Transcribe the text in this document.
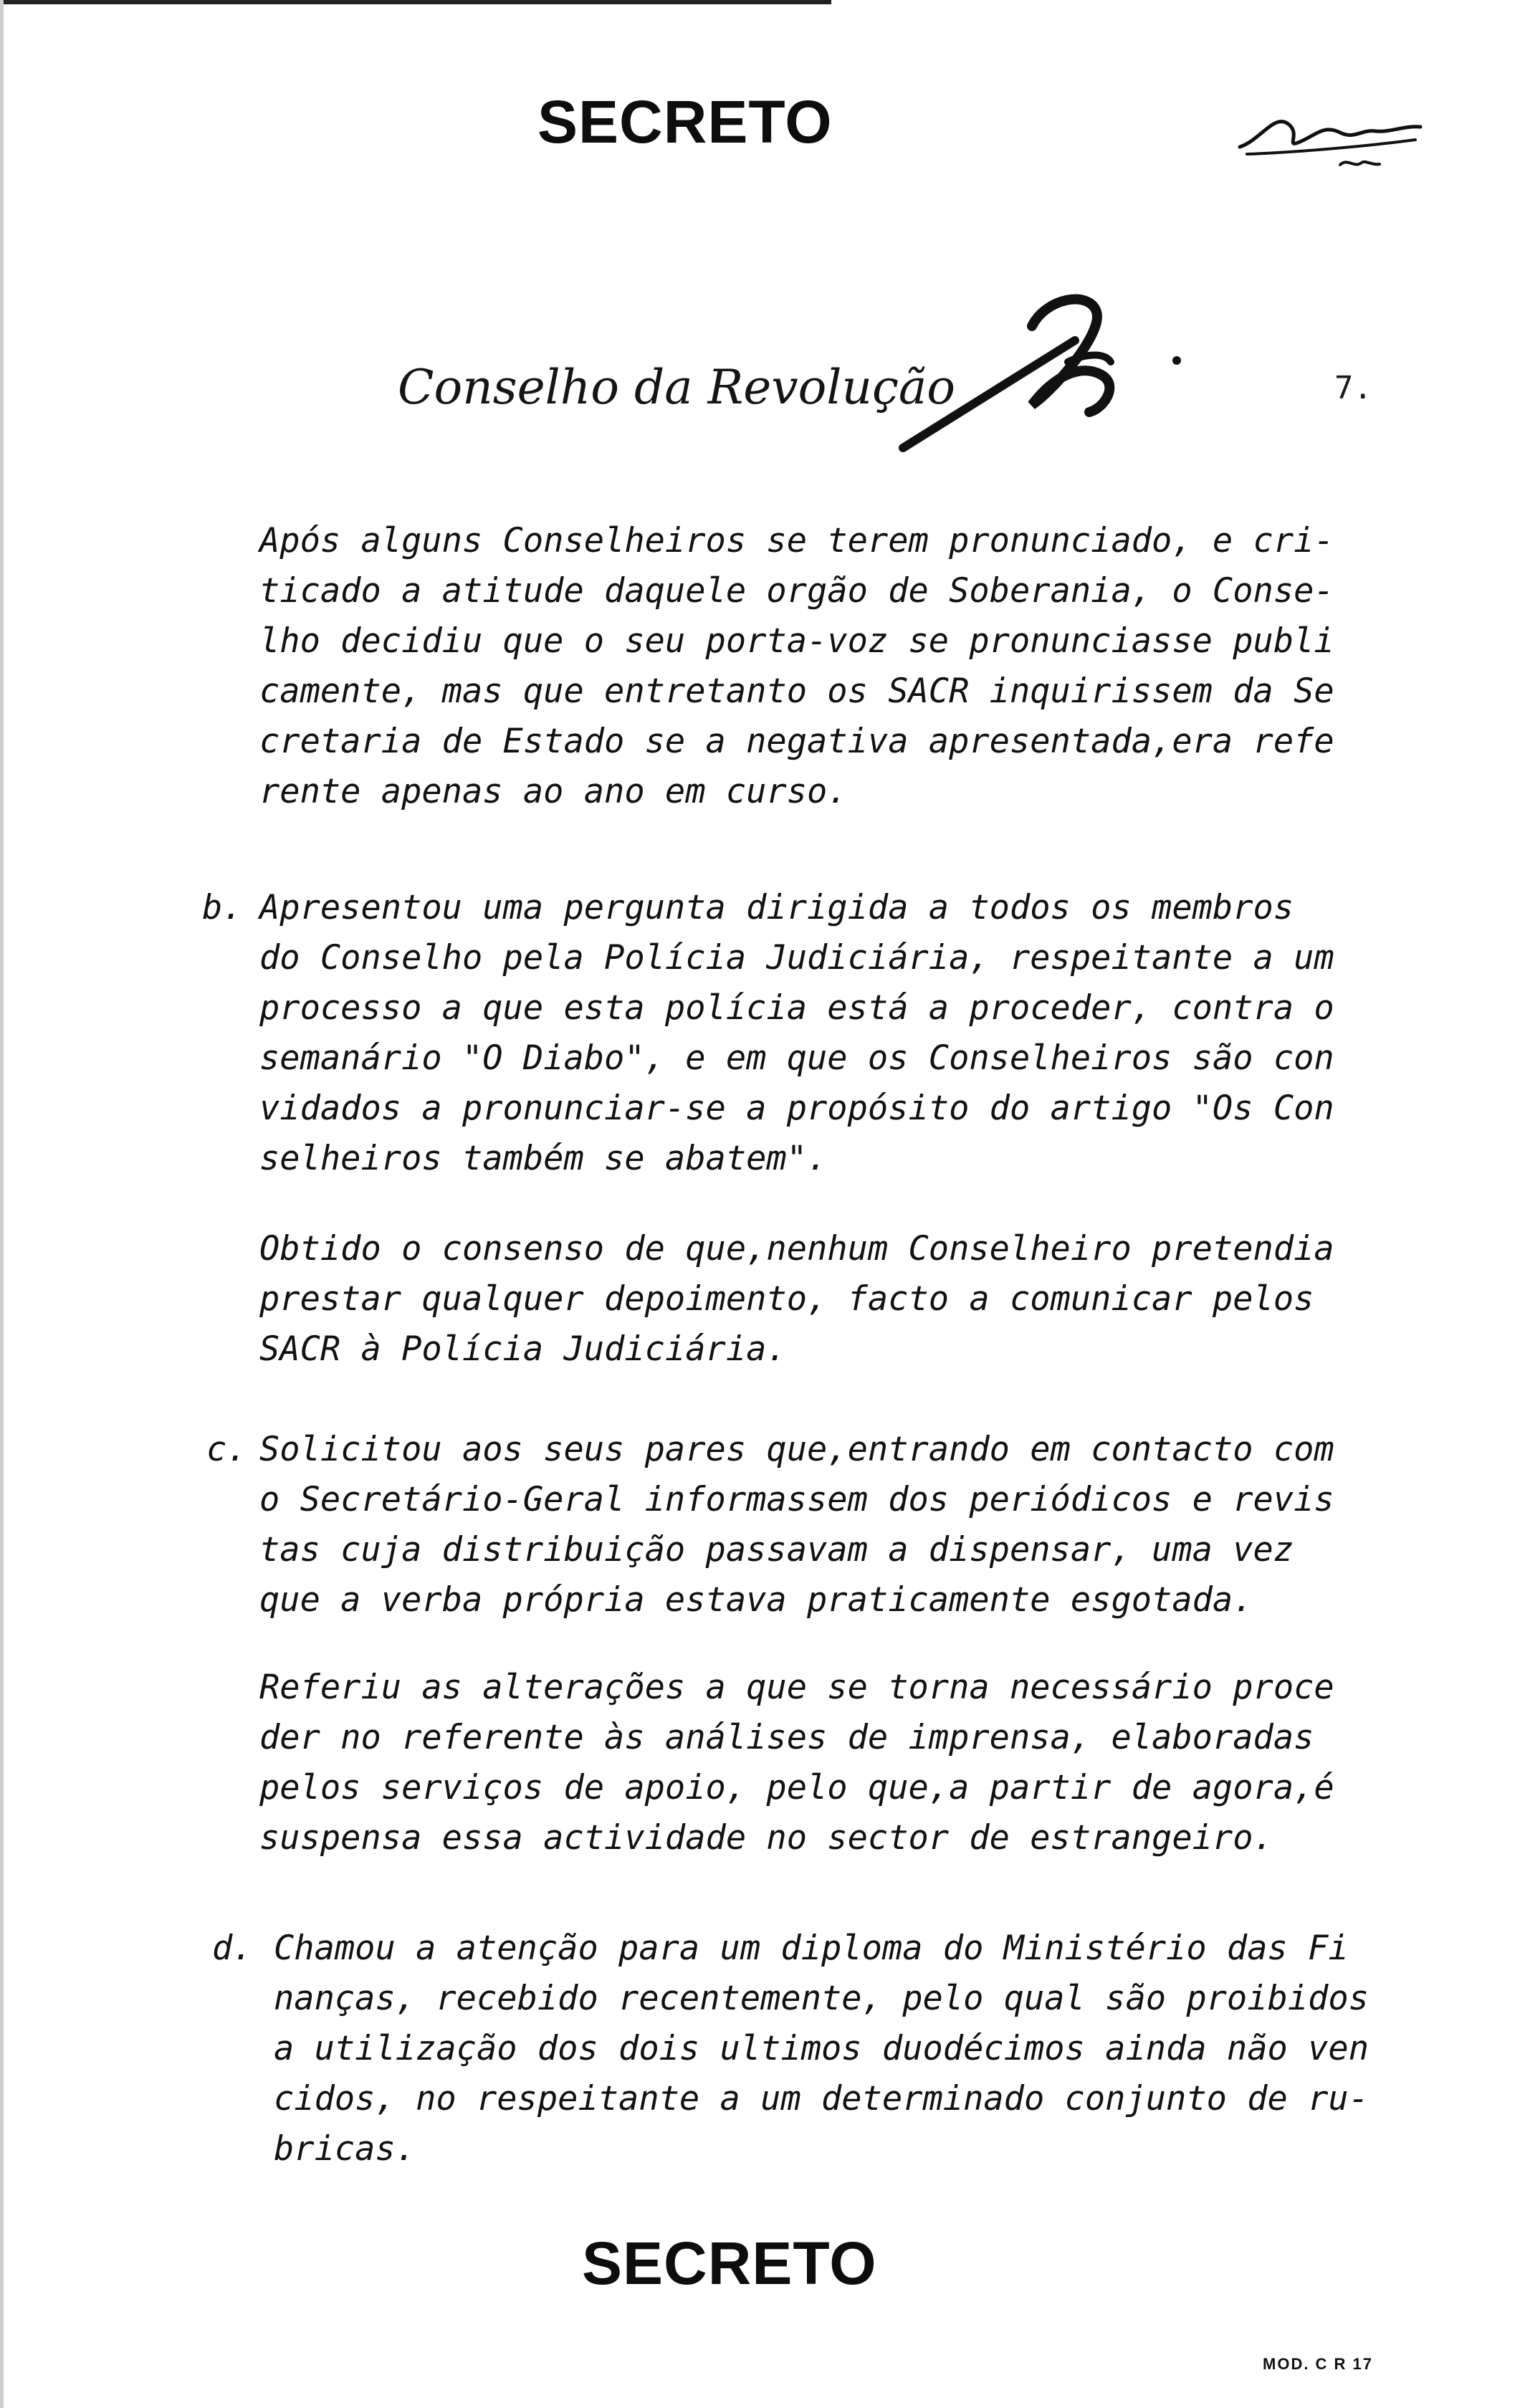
SECRETO
Conselho da Revolução	7.
Após alguns Conselheiros se terem pronunciado, e cri-
ticado a atitude daquele orgão de Soberania, o Conse-
lho decidiu que o seu porta-voz se pronunciasse publi
camente, mas que entretanto os SACR inquirissem da Se
cretaria de Estado se a negativa apresentada,era refe
rente apenas ao ano em curso.
b. Apresentou uma pergunta dirigida a todos os membros
do Conselho pela Polícia Judiciária, respeitante a um
processo a que esta polícia está a proceder, contra o
semanário "O Diabo", e em que os Conselheiros são con
vidados a pronunciar-se a propósito do artigo "Os Con
selheiros também se abatem".
Obtido o consenso de que,nenhum Conselheiro pretendia
prestar qualquer depoimento, facto a comunicar pelos
SACR à Polícia Judiciária.
c. Solicitou aos seus pares que,entrando em contacto com
o Secretário-Geral informassem dos periódicos e revis
tas cuja distribuição passavam a dispensar, uma vez
que a verba própria estava praticamente esgotada.
Referiu as alterações a que se torna necessário proce
der no referente às análises de imprensa, elaboradas
pelos serviços de apoio, pelo que,a partir de agora,é
suspensa essa actividade no sector de estrangeiro.
d. Chamou a atenção para um diploma do Ministério das Fi
nanças, recebido recentemente, pelo qual são proibidos
a utilização dos dois ultimos duodécimos ainda não ven
cidos, no respeitante a um determinado conjunto de ru-
bricas.
SECRETO
MOD. C R 17
